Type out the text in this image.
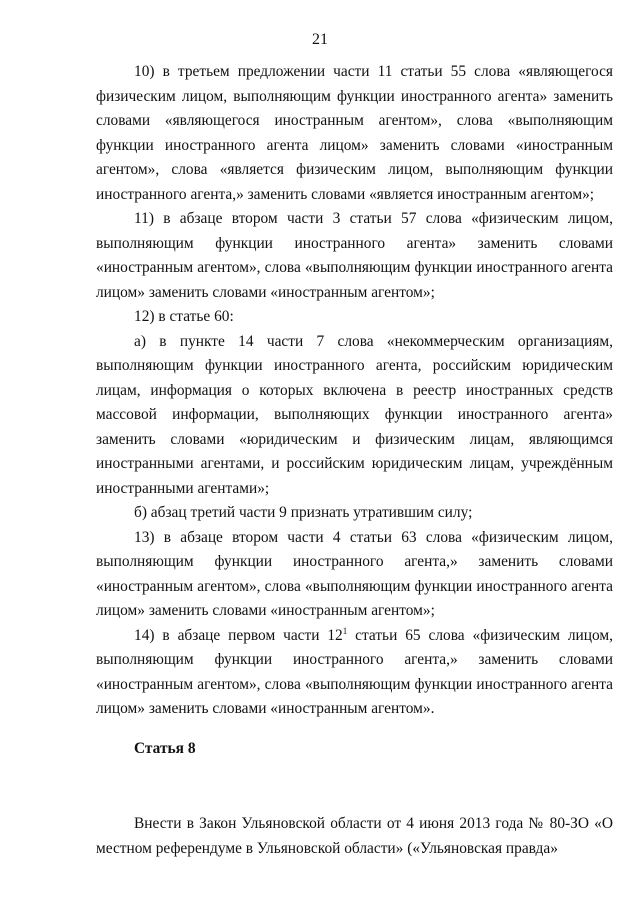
21

10) в третьем предложении части 11 статьи 55 слова «являющегося физическим лицом, выполняющим функции иностранного агента» заменить словами «являющегося иностранным агентом», слова «выполняющим функции иностранного агента лицом» заменить словами «иностранным агентом», слова «является физическим лицом, выполняющим функции иностранного агента,» заменить словами «является иностранным агентом»;

11) в абзаце втором части 3 статьи 57 слова «физическим лицом, выполняющим функции иностранного агента» заменить словами «иностранным агентом», слова «выполняющим функции иностранного агента лицом» заменить словами «иностранным агентом»;

12) в статье 60:

а) в пункте 14 части 7 слова «некоммерческим организациям, выполняющим функции иностранного агента, российским юридическим лицам, информация о которых включена в реестр иностранных средств массовой информации, выполняющих функции иностранного агента» заменить словами «юридическим и физическим лицам, являющимся иностранными агентами, и российским юридическим лицам, учреждённым иностранными агентами»;

б) абзац третий части 9 признать утратившим силу;

13) в абзаце втором части 4 статьи 63 слова «физическим лицом, выполняющим функции иностранного агента,» заменить словами «иностранным агентом», слова «выполняющим функции иностранного агента лицом» заменить словами «иностранным агентом»;

14) в абзаце первом части $12^1$ статьи 65 слова «физическим лицом, выполняющим функции иностранного агента,» заменить словами «иностранным агентом», слова «выполняющим функции иностранного агента лицом» заменить словами «иностранным агентом».

Статья 8
Внести в Закон Ульяновской области от 4 июня 2013 года № 80-ЗО «О местном референдуме в Ульяновской области» («Ульяновская правда»
